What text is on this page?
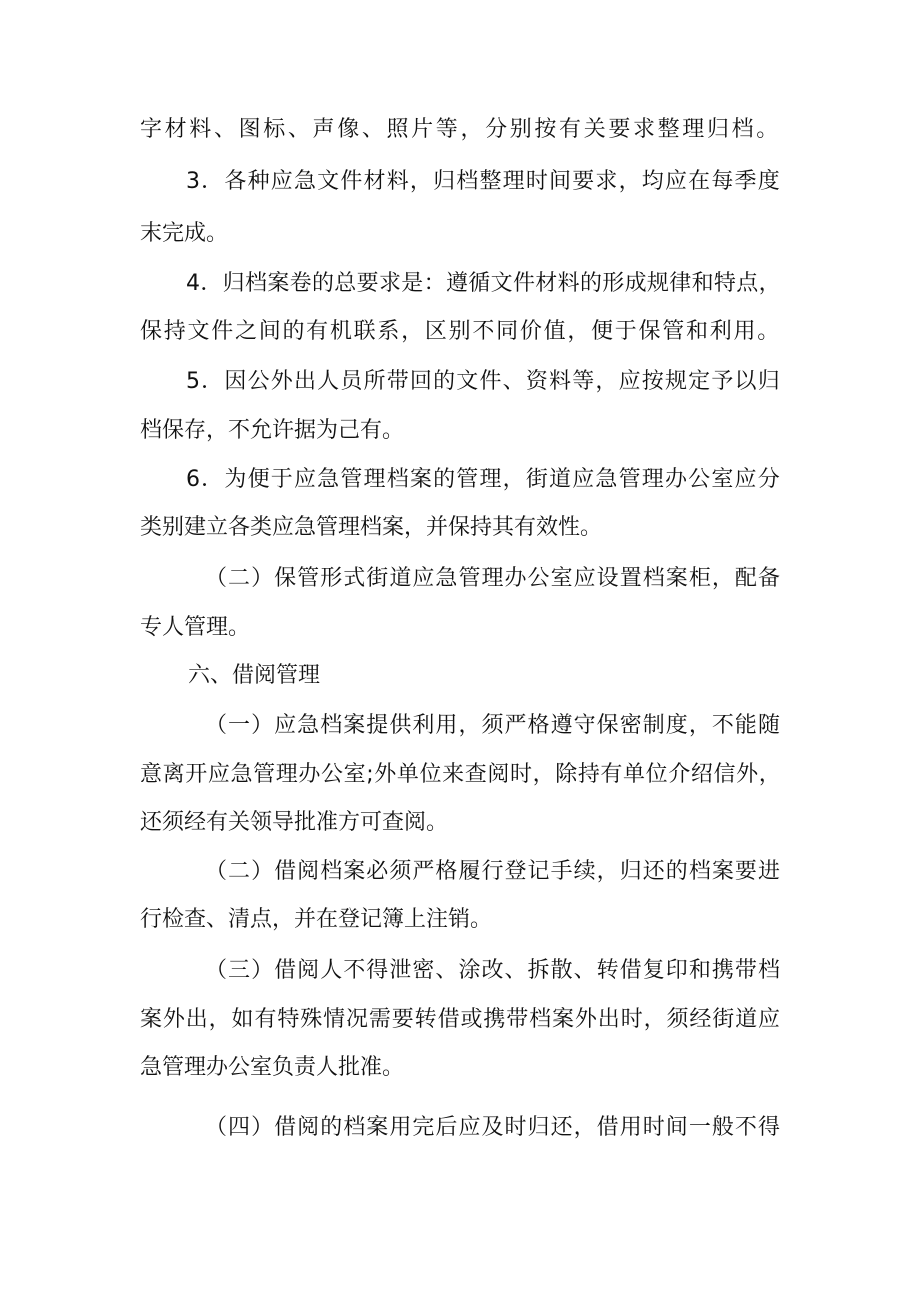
字材料、图标、声像、照片等，分别按有关要求整理归档。
3．各种应急文件材料，归档整理时间要求，均应在每季度
末完成。
4．归档案卷的总要求是：遵循文件材料的形成规律和特点，
保持文件之间的有机联系，区别不同价值，便于保管和利用。
5．因公外出人员所带回的文件、资料等，应按规定予以归
档保存，不允许据为己有。
6．为便于应急管理档案的管理，街道应急管理办公室应分
类别建立各类应急管理档案，并保持其有效性。
（二）保管形式街道应急管理办公室应设置档案柜，配备
专人管理。
六、借阅管理
（一）应急档案提供利用，须严格遵守保密制度，不能随
意离开应急管理办公室;外单位来查阅时，除持有单位介绍信外，
还须经有关领导批准方可查阅。
（二）借阅档案必须严格履行登记手续，归还的档案要进
行检查、清点，并在登记簿上注销。
（三）借阅人不得泄密、涂改、拆散、转借复印和携带档
案外出，如有特殊情况需要转借或携带档案外出时，须经街道应
急管理办公室负责人批准。
（四）借阅的档案用完后应及时归还，借用时间一般不得
